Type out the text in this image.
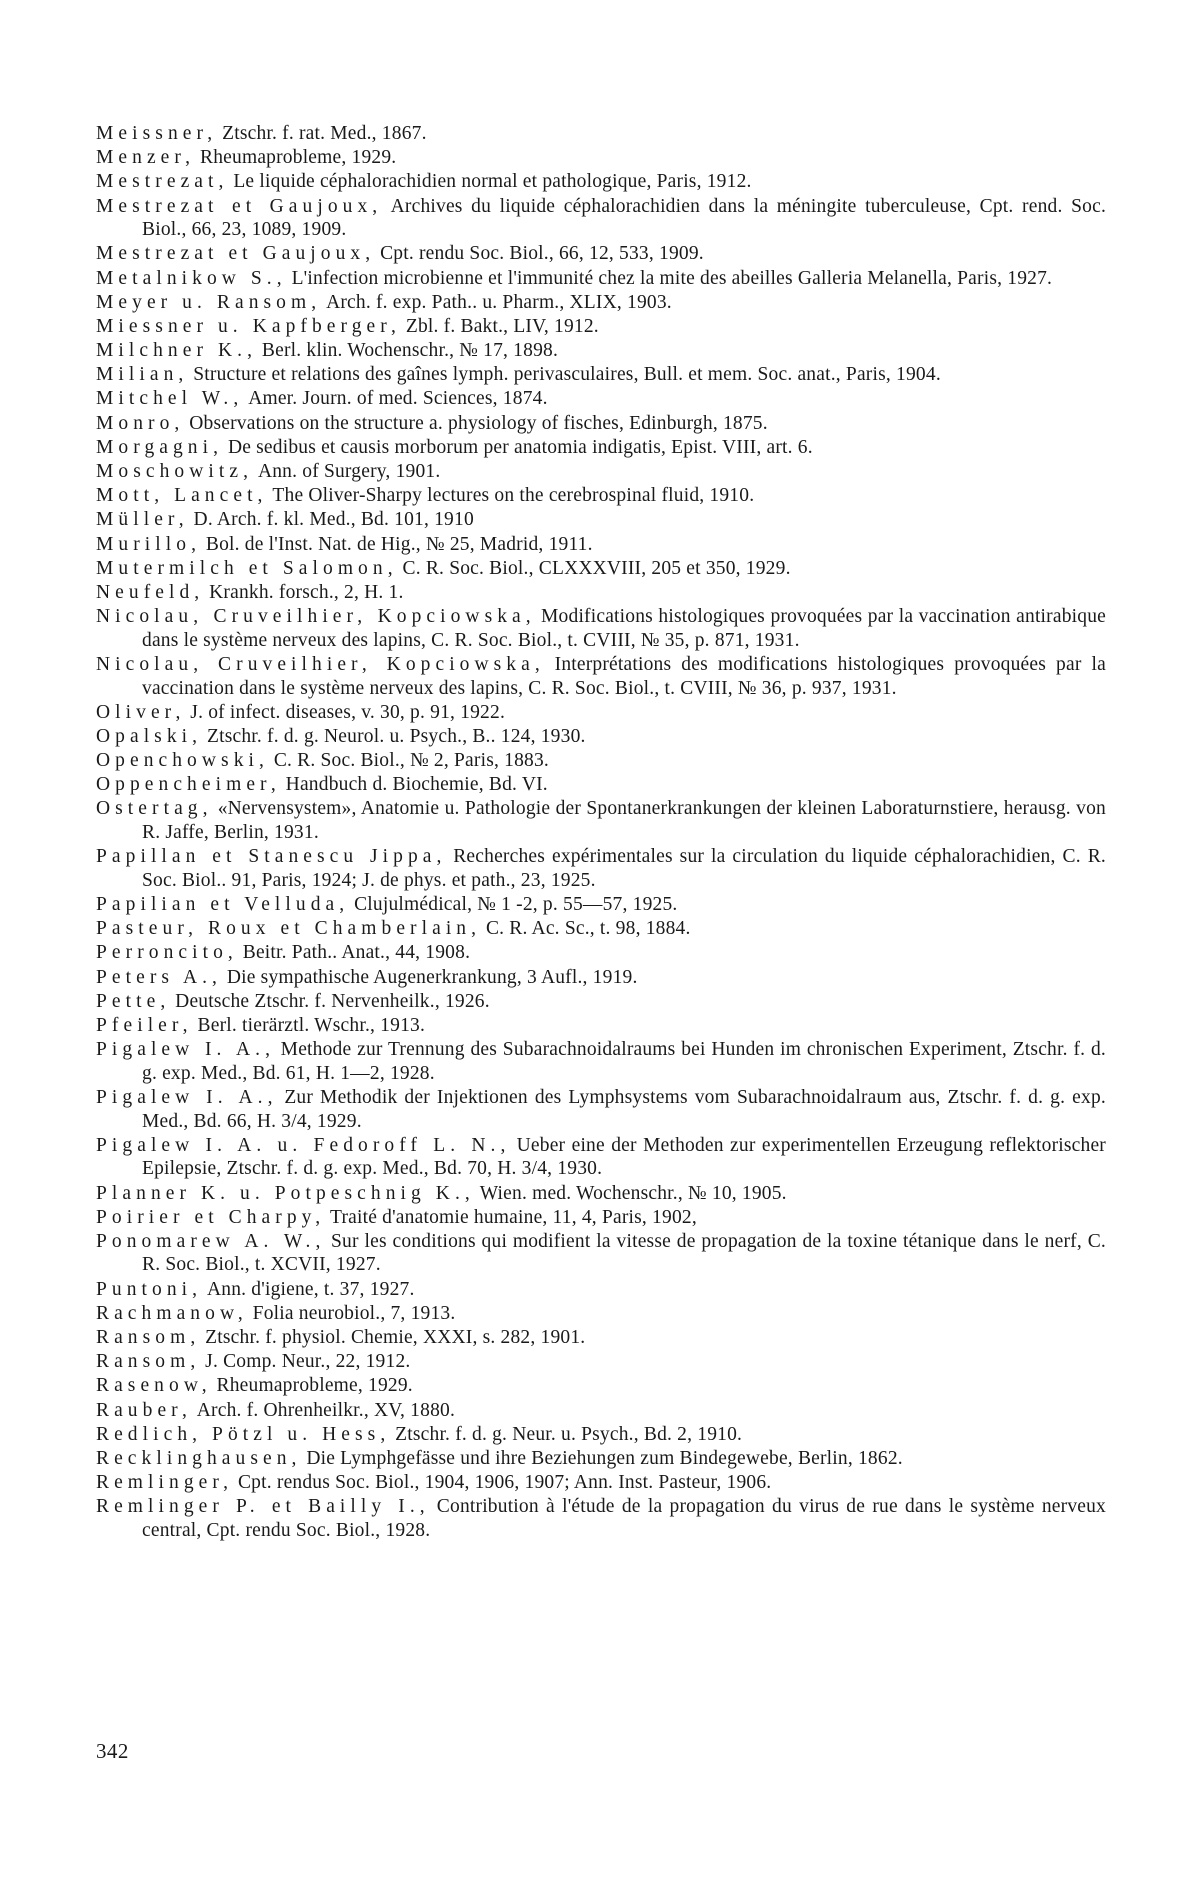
Meissner, Ztschr. f. rat. Med., 1867.
Menzer, Rheumaprobleme, 1929.
Mestrezat, Le liquide céphalorachidien normal et pathologique, Paris, 1912.
Mestrezat et Gaujoux, Archives du liquide céphalorachidien dans la méningite tuberculeuse, Cpt. rend. Soc. Biol., 66, 23, 1089, 1909.
Mestrezat et Gaujoux, Cpt. rendu Soc. Biol., 66, 12, 533, 1909.
Metalnikow S., L'infection microbienne et l'immunité chez la mite des abeilles Galleria Melanella, Paris, 1927.
Meyer u. Ransom, Arch. f. exp. Path.. u. Pharm., XLIX, 1903.
Miessner u. Kapfberger, Zbl. f. Bakt., LIV, 1912.
Milchner K., Berl. klin. Wochenschr., № 17, 1898.
Milian, Structure et relations des gaînes lymph. perivasculaires, Bull. et mem. Soc. anat., Paris, 1904.
Mitchel W., Amer. Journ. of med. Sciences, 1874.
Monro, Observations on the structure a. physiology of fisches, Edinburgh, 1875.
Morgagni, De sedibus et causis morborum per anatomia indigatis, Epist. VIII, art. 6.
Moschowitz, Ann. of Surgery, 1901.
Mott, Lancet, The Oliver-Sharpy lectures on the cerebrospinal fluid, 1910.
Müller, D. Arch. f. kl. Med., Bd. 101, 1910
Murillo, Bol. de l'Inst. Nat. de Hig., № 25, Madrid, 1911.
Mutermilch et Salomon, C. R. Soc. Biol., CLXXXVIII, 205 et 350, 1929.
Neufeld, Krankh. forsch., 2, H. 1.
Nicolau, Cruveilhier, Kopciowska, Modifications histologiques provoquées par la vaccination antirabique dans le système nerveux des lapins, C. R. Soc. Biol., t. CVIII, № 35, p. 871, 1931.
Nicolau, Cruveilhier, Kopciowska, Interprétations des modifications histologiques provoquées par la vaccination dans le système nerveux des lapins, C. R. Soc. Biol., t. CVIII, № 36, p. 937, 1931.
Oliver, J. of infect. diseases, v. 30, p. 91, 1922.
Opalski, Ztschr. f. d. g. Neurol. u. Psych., B.. 124, 1930.
Openchowski, C. R. Soc. Biol., № 2, Paris, 1883.
Oppencheimer, Handbuch d. Biochemie, Bd. VI.
Ostertag, «Nervensystem», Anatomie u. Pathologie der Spontanerkrankungen der kleinen Laboraturnstiere, herausg. von R. Jaffe, Berlin, 1931.
Papillan et Stanescu Jippa, Recherches expérimentales sur la circulation du liquide céphalorachidien, C. R. Soc. Biol.. 91, Paris, 1924; J. de phys. et path., 23, 1925.
Papilian et Velluda, Clujulmédical, № 1 -2, p. 55—57, 1925.
Pasteur, Roux et Chamberlain, C. R. Ac. Sc., t. 98, 1884.
Perroncito, Beitr. Path.. Anat., 44, 1908.
Peters A., Die sympathische Augenerkrankung, 3 Aufl., 1919.
Pette, Deutsche Ztschr. f. Nervenheilk., 1926.
Pfeiler, Berl. tierärztl. Wschr., 1913.
Pigalew I. A., Methode zur Trennung des Subarachnoidalraums bei Hunden im chronischen Experiment, Ztschr. f. d. g. exp. Med., Bd. 61, H. 1—2, 1928.
Pigalew I. A., Zur Methodik der Injektionen des Lymphsystems vom Subarachnoidalraum aus, Ztschr. f. d. g. exp. Med., Bd. 66, H. 3/4, 1929.
Pigalew I. A. u. Fedoroff L. N., Ueber eine der Methoden zur experimentellen Erzeugung reflektorischer Epilepsie, Ztschr. f. d. g. exp. Med., Bd. 70, H. 3/4, 1930.
Planner K. u. Potpeschnig K., Wien. med. Wochenschr., № 10, 1905.
Poirier et Charpy, Traité d'anatomie humaine, 11, 4, Paris, 1902,
Ponomarew A. W., Sur les conditions qui modifient la vitesse de propagation de la toxine tétanique dans le nerf, C. R. Soc. Biol., t. XCVII, 1927.
Puntoni, Ann. d'igiene, t. 37, 1927.
Rachmanow, Folia neurobiol., 7, 1913.
Ransom, Ztschr. f. physiol. Chemie, XXXI, s. 282, 1901.
Ransom, J. Comp. Neur., 22, 1912.
Rasenow, Rheumaprobleme, 1929.
Rauber, Arch. f. Ohrenheilkr., XV, 1880.
Redlich, Pötzl u. Hess, Ztschr. f. d. g. Neur. u. Psych., Bd. 2, 1910.
Recklinghausen, Die Lymphgefässe und ihre Beziehungen zum Bindegewebe, Berlin, 1862.
Remlinger, Cpt. rendus Soc. Biol., 1904, 1906, 1907; Ann. Inst. Pasteur, 1906.
Remlinger P. et Bailly I., Contribution à l'étude de la propagation du virus de rue dans le système nerveux central, Cpt. rendu Soc. Biol., 1928.
342
